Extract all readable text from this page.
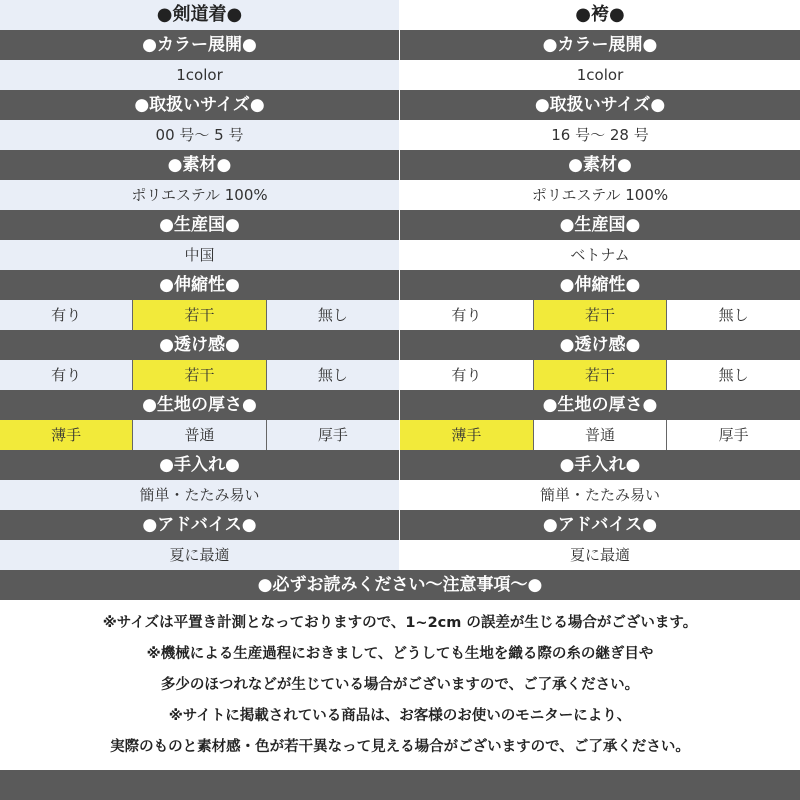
●剣道着●
●カラー展開●
1color
●取扱いサイズ●
00 号～ 5 号
●素材●
ポリエステル 100%
●生産国●
中国
●伸縮性●
有り	若干	無し
●透け感●
有り	若干	無し
●生地の厚さ●
薄手	普通	厚手
●手入れ●
簡単・たたみ易い
●アドバイス●
夏に最適
●袴●
●カラー展開●
1color
●取扱いサイズ●
16 号～ 28 号
●素材●
ポリエステル 100%
●生産国●
ベトナム
●伸縮性●
有り	若干	無し
●透け感●
有り	若干	無し
●生地の厚さ●
薄手	普通	厚手
●手入れ●
簡単・たたみ易い
●アドバイス●
夏に最適
●必ずお読みください～注意事項～●
※サイズは平置き計測となっておりますので、1~2cm の誤差が生じる場合がございます。
※機械による生産過程におきまして、どうしても生地を織る際の糸の継ぎ目や
多少のほつれなどが生じている場合がございますので、ご了承ください。
※サイトに掲載されている商品は、お客様のお使いのモニターにより、
実際のものと素材感・色が若干異なって見える場合がございますので、ご了承ください。
